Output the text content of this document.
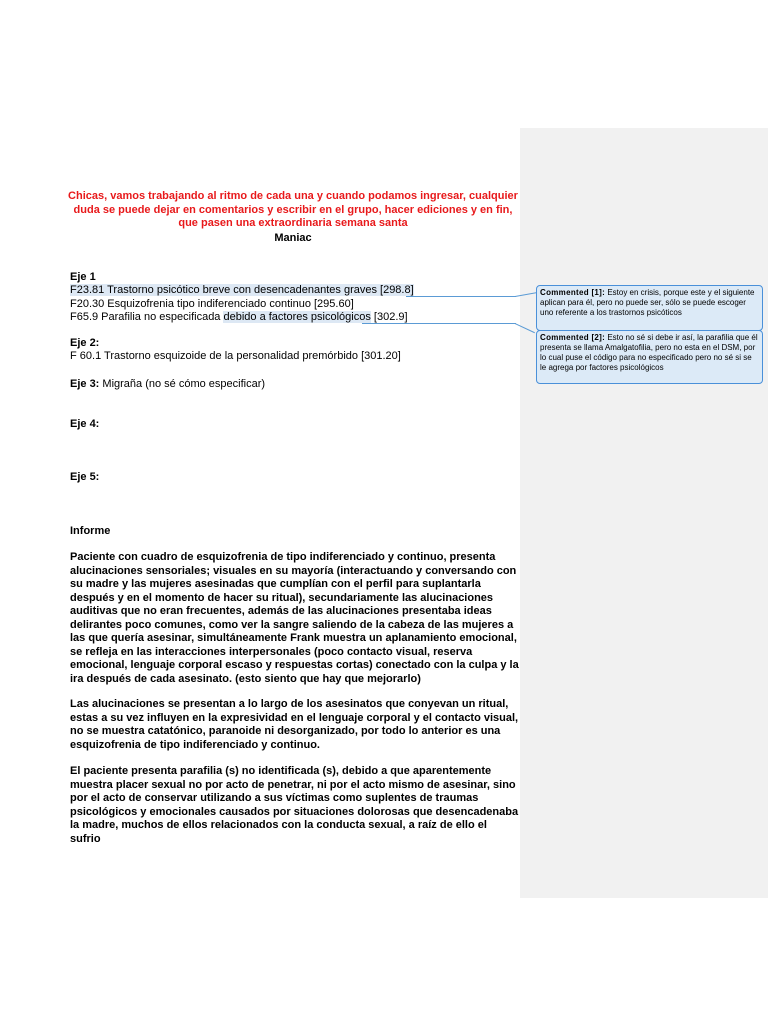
Chicas, vamos trabajando al ritmo de cada una y cuando podamos ingresar, cualquier
duda se puede dejar en comentarios y escribir en el grupo, hacer ediciones y en fin,
que pasen una extraordinaria semana santa
Maniac
Eje 1
F23.81 Trastorno psicótico breve con desencadenantes graves [298.8]
F20.30 Esquizofrenia tipo indiferenciado continuo [295.60]
F65.9 Parafilia no especificada debido a factores psicológicos [302.9]
Eje 2:
F 60.1 Trastorno esquizoide de la personalidad premórbido [301.20]
Eje 3: Migraña (no sé cómo especificar)
Eje 4:
Eje 5:
Informe
Paciente con cuadro de esquizofrenia de tipo indiferenciado y continuo, presenta
alucinaciones sensoriales; visuales en su mayoría (interactuando y conversando con
su madre y las mujeres asesinadas que cumplían con el perfil para suplantarla
después y en el momento de hacer su ritual), secundariamente las alucinaciones
auditivas que no eran frecuentes, además de las alucinaciones presentaba ideas
delirantes poco comunes, como ver la sangre saliendo de la cabeza de las mujeres a
las que quería asesinar, simultáneamente Frank muestra un aplanamiento emocional,
se refleja en las interacciones interpersonales (poco contacto visual, reserva
emocional, lenguaje corporal escaso y respuestas cortas) conectado con la culpa y la
ira después de cada asesinato. (esto siento que hay que mejorarlo)
Las alucinaciones se presentan a lo largo de los asesinatos que conyevan un ritual,
estas a su vez influyen en la expresividad en el lenguaje corporal y el contacto visual,
no se muestra catatónico, paranoide ni desorganizado, por todo lo anterior es una
esquizofrenia de tipo indiferenciado y continuo.
El paciente presenta parafilia (s) no identificada (s), debido a que aparentemente
muestra placer sexual no por acto de penetrar, ni por el acto mismo de asesinar, sino
por el acto de conservar utilizando a sus víctimas como suplentes de traumas
psicológicos y emocionales causados por situaciones dolorosas que desencadenaba
la madre, muchos de ellos relacionados con la conducta sexual, a raíz de ello el sufrio
Commented [1]: Estoy en crisis, porque este y el siguiente aplican para él, pero no puede ser, sólo se puede escoger uno referente a los trastornos psicóticos
Commented [2]: Esto no sé si debe ir así, la parafilia que él presenta se llama Amalgatofilia, pero no esta en el DSM, por lo cual puse el código para no especificado pero no sé si se le agrega por factores psicológicos
